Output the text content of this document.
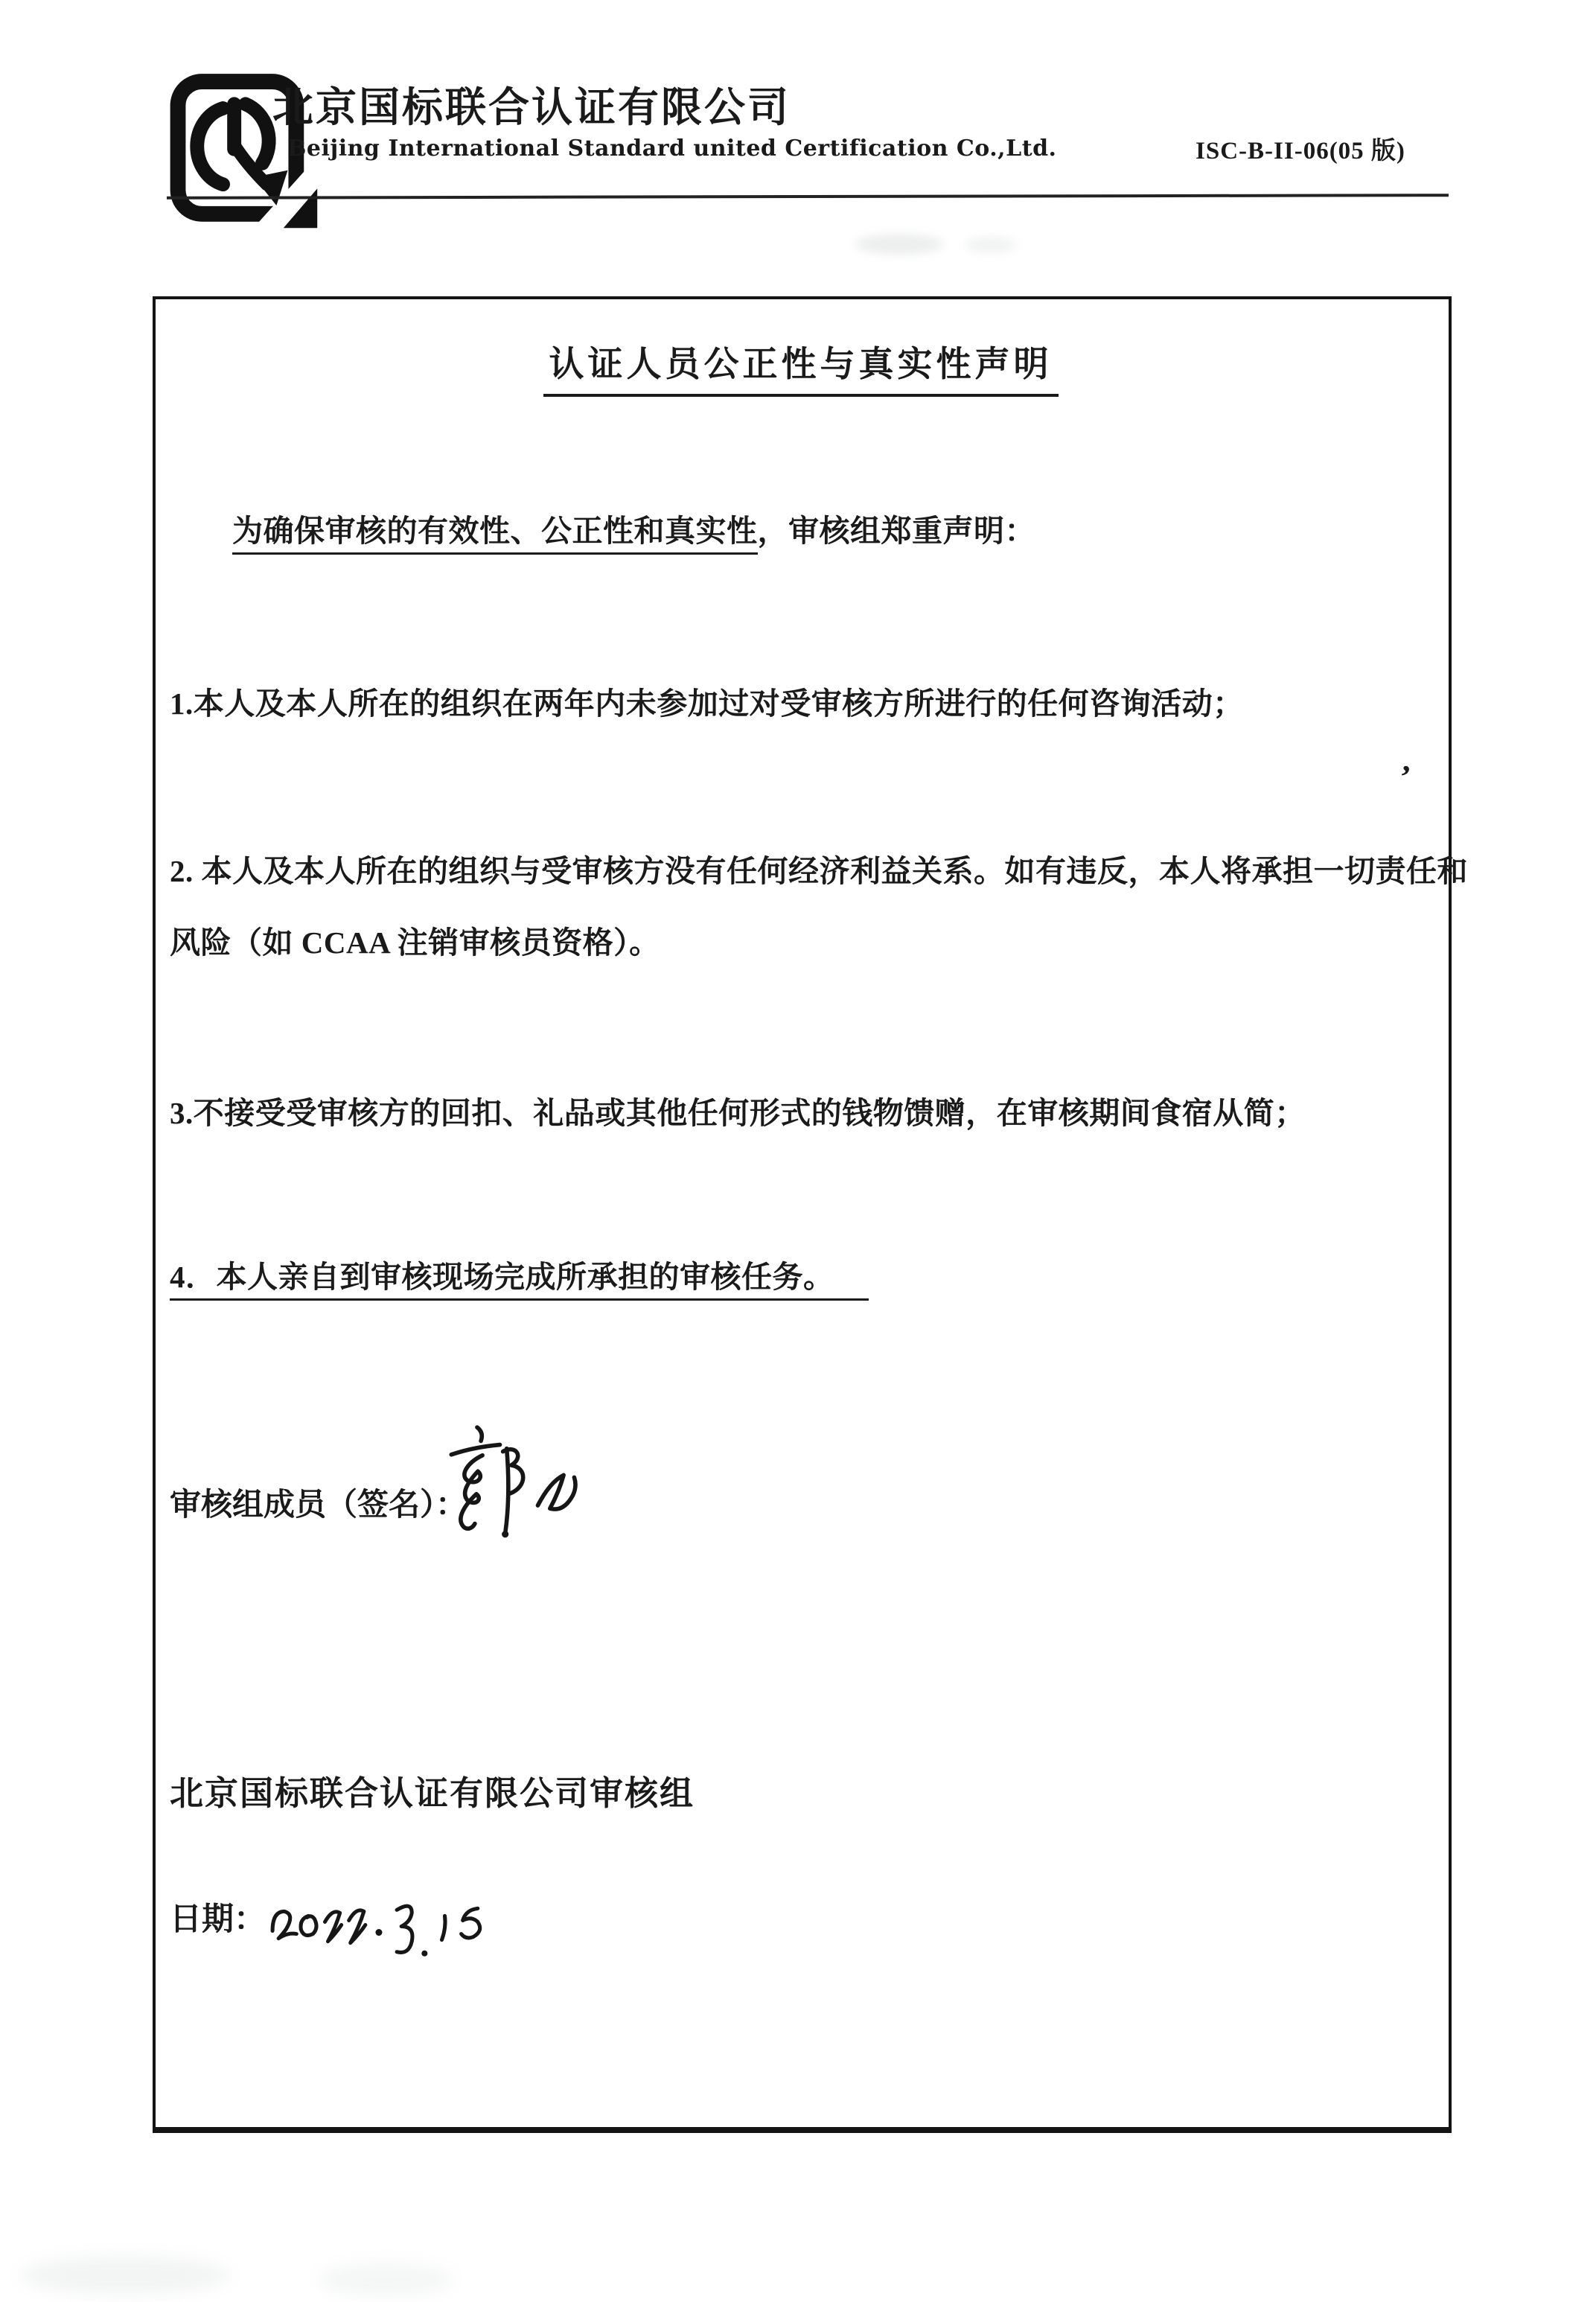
北京国标联合认证有限公司
Beijing International Standard united Certification Co.,Ltd.	ISC-B-II-06(05 版)
认证人员公正性与真实性声明
为确保审核的有效性、公正性和真实性，审核组郑重声明：
1.本人及本人所在的组织在两年内未参加过对受审核方所进行的任何咨询活动；
2. 本人及本人所在的组织与受审核方没有任何经济利益关系。如有违反，本人将承担一切责任和
风险（如 CCAA 注销审核员资格）。
3.不接受受审核方的回扣、礼品或其他任何形式的钱物馈赠，在审核期间食宿从简；
4．本人亲自到审核现场完成所承担的审核任务。
’
审核组成员（签名）：
北京国标联合认证有限公司审核组
日期：
